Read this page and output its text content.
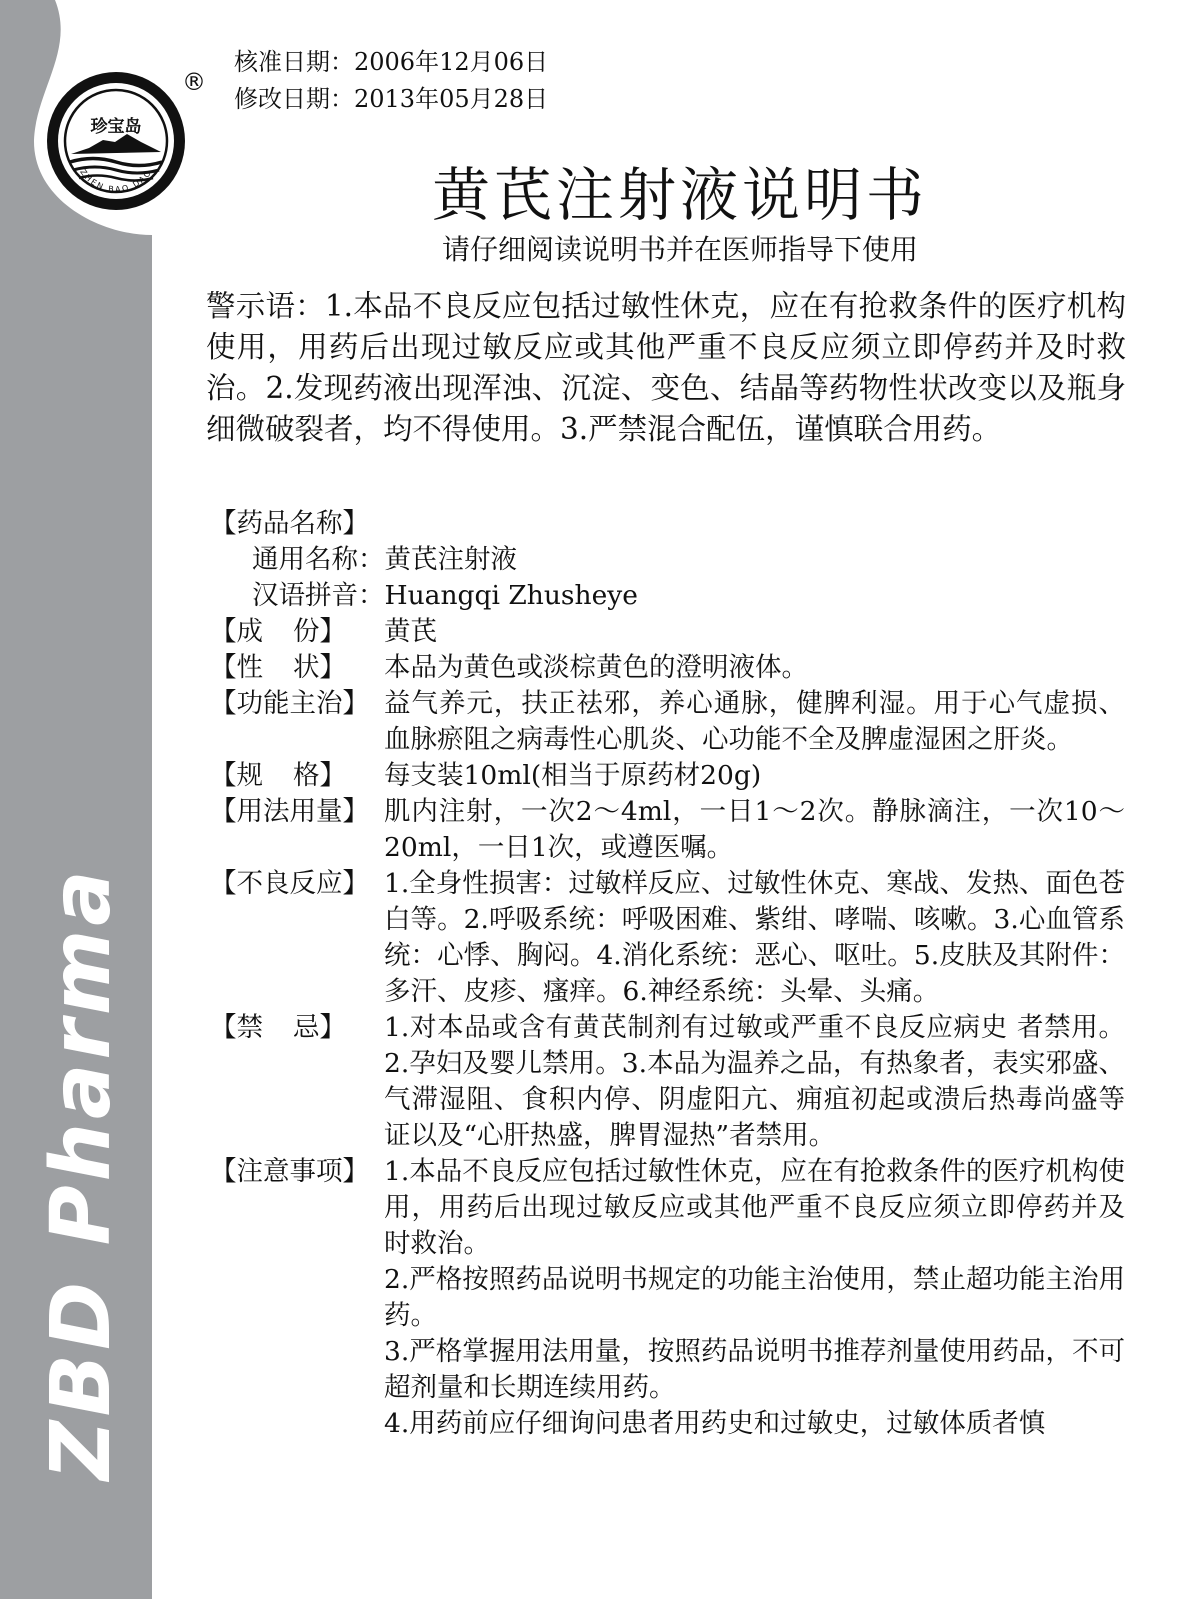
ZBD Pharma
珍宝岛
ZHEN BAO DAO
®
核准日期：2006年12月06日
修改日期：2013年05月28日
黄芪注射液说明书

请仔细阅读说明书并在医师指导下使用

警示语：1.本品不良反应包括过敏性休克，应在有抢救条件的医疗机构使用，用药后出现过敏反应或其他严重不良反应须立即停药并及时救治。2.发现药液出现浑浊、沉淀、变色、结晶等药物性状改变以及瓶身细微破裂者，均不得使用。3.严禁混合配伍，谨慎联合用药。

【药品名称】
通用名称：黄芪注射液
汉语拼音：Huangqi Zhusheye
【成 份】 黄芪
【性 状】 本品为黄色或淡棕黄色的澄明液体。
【功能主治】 益气养元，扶正祛邪，养心通脉，健脾利湿。用于心气虚损、血脉瘀阻之病毒性心肌炎、心功能不全及脾虚湿困之肝炎。
【规 格】 每支装10ml(相当于原药材20g)
【用法用量】 肌内注射，一次2～4ml，一日1～2次。静脉滴注，一次10～20ml，一日1次，或遵医嘱。
【不良反应】 1.全身性损害：过敏样反应、过敏性休克、寒战、发热、面色苍白等。2.呼吸系统：呼吸困难、紫绀、哮喘、咳嗽。3.心血管系统：心悸、胸闷。4.消化系统：恶心、呕吐。5.皮肤及其附件：多汗、皮疹、瘙痒。6.神经系统：头晕、头痛。
【禁 忌】 1.对本品或含有黄芪制剂有过敏或严重不良反应病史 者禁用。2.孕妇及婴儿禁用。3.本品为温养之品，有热象者，表实邪盛、气滞湿阻、食积内停、阴虚阳亢、痈疽初起或溃后热毒尚盛等证以及“心肝热盛，脾胃湿热”者禁用。
【注意事项】 1.本品不良反应包括过敏性休克，应在有抢救条件的医疗机构使用，用药后出现过敏反应或其他严重不良反应须立即停药并及时救治。

2.严格按照药品说明书规定的功能主治使用，禁止超功能主治用药。

3.严格掌握用法用量，按照药品说明书推荐剂量使用药品，不可超剂量和长期连续用药。

4.用药前应仔细询问患者用药史和过敏史，过敏体质者慎
